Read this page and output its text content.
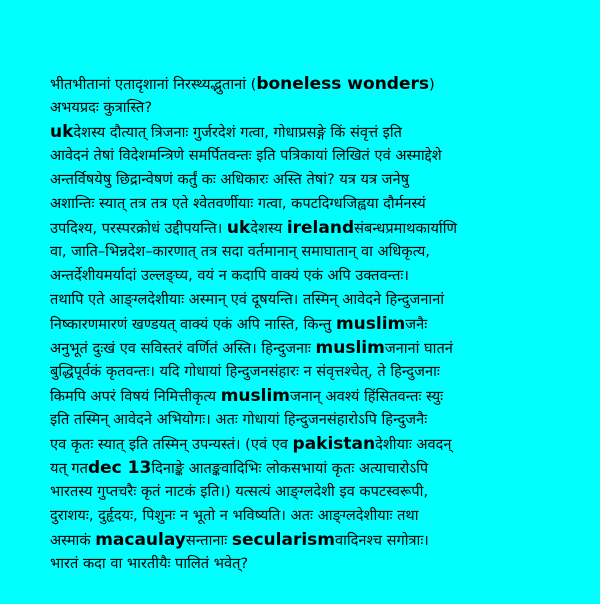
भीतभीतानां एतादृशानां निरस्थ्यद्भुतानां (boneless wonders)
अभयप्रदः कुत्रास्ति?
ukदेशस्य दौत्यात् त्रिजनाः गुर्जरदेशं गत्वा, गोधाप्रसङ्गे किं संवृत्तं इति
आवेदनं तेषां विदेशमन्त्रिणे समर्पितवन्तः इति पत्रिकायां लिखितं एवं अस्माद्देशे
अन्तर्विषयेषु छिद्रान्वेषणं कर्तुं कः अधिकारः अस्ति तेषां? यत्र यत्र जनेषु
अशान्तिः स्यात् तत्र तत्र एते श्वेतवर्णीयाः गत्वा, कपटदिग्धजिह्वया दौर्मनस्यं
उपदिश्य, परस्परक्रोधं उद्दीपयन्ति। ukदेशस्य irelandसंबन्धप्रमाथकार्याणि
वा, जाति–भिन्नदेश–कारणात् तत्र सदा वर्तमानान् समाघातान् वा अधिकृत्य,
अन्तर्देशीयमर्यादां उल्लङ्घ्य, वयं न कदापि वाक्यं एकं अपि उक्तवन्तः।
तथापि एते आङ्ग्लदेशीयाः अस्मान् एवं दूषयन्ति। तस्मिन् आवेदने हिन्दुजनानां
निष्कारणमारणं खण्डयत् वाक्यं एकं अपि नास्ति, किन्तु muslimजनैः
अनुभूतं दुःखं एव सविस्तरं वर्णितं अस्ति। हिन्दुजनाः muslimजनानां घातनं
बुद्धिपूर्वकं कृतवन्तः। यदि गोधायां हिन्दुजनसंहारः न संवृत्तश्चेत्, ते हिन्दुजनाः
किमपि अपरं विषयं निमित्तीकृत्य muslimजनान् अवश्यं हिंसितवन्तः स्युः
इति तस्मिन् आवेदने अभियोगः। अतः गोधायां हिन्दुजनसंहारोऽपि हिन्दुजनैः
एव कृतः स्यात् इति तस्मिन् उपन्यस्तं। (एवं एव pakistanदेशीयाः अवदन्
यत् गतdec 13दिनाङ्के आतङ्कवादिभिः लोकसभायां कृतः अत्याचारोऽपि
भारतस्य गुप्तचरैः कृतं नाटकं इति।) यत्सत्यं आङ्ग्लदेशी इव कपटस्वरूपी,
दुराशयः, दुर्हृदयः, पिशुनः न भूतो न भविष्यति। अतः आङ्ग्लदेशीयाः तथा
अस्माकं macaulayसन्तानाः secularismवादिनश्च सगोत्राः।
भारतं कदा वा भारतीयैः पालितं भवेत्?
